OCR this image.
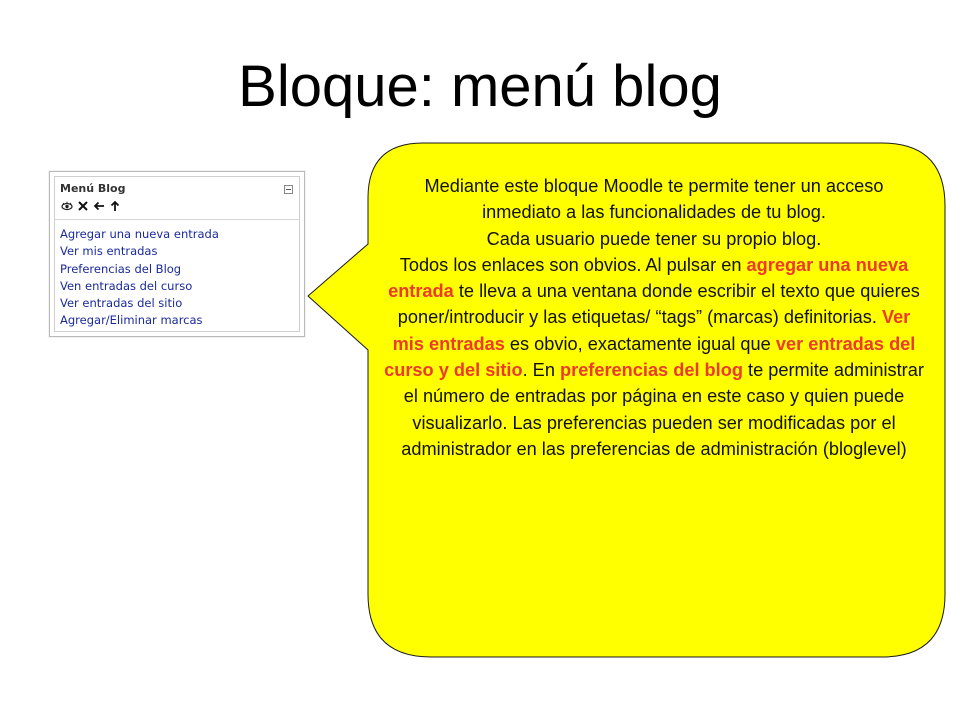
Bloque: menú blog
Menú Blog
Agregar una nueva entrada
Ver mis entradas
Preferencias del Blog
Ven entradas del curso
Ver entradas del sitio
Agregar/Eliminar marcas
Mediante este bloque Moodle te permite tener un acceso inmediato a las funcionalidades de tu blog.
Cada usuario puede tener su propio blog.
Todos los enlaces son obvios. Al pulsar en agregar una nueva entrada te lleva a una ventana donde escribir el texto que quieres poner/introducir y las etiquetas/ “tags” (marcas) definitorias. Ver mis entradas es obvio, exactamente igual que ver entradas del curso y del sitio. En preferencias del blog te permite administrar el número de entradas por página en este caso y quien puede visualizarlo. Las preferencias pueden ser modificadas por el administrador en las preferencias de administración (bloglevel)
